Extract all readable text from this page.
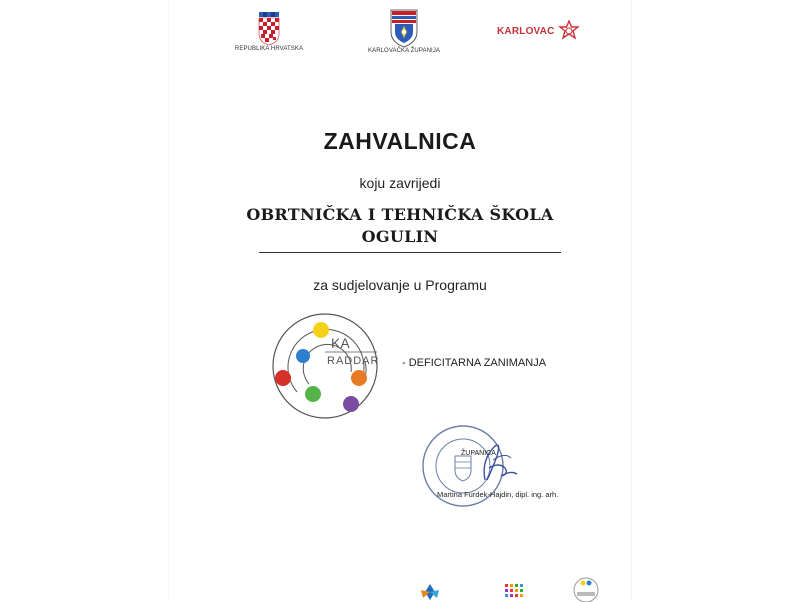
REPUBLIKA HRVATSKA	KARLOVAČKA ŽUPANIJA
KARLOVAC
ZAHVALNICA
koju zavrijedi
OBRTNIČKA I TEHNIČKA ŠKOLA
OGULIN
za sudjelovanje u Programu
KA
RADDAR - DEFICITARNA ZANIMANJA
ŽUPANICA
Martina Furdek-Hajdin, dipl. ing. arh.
